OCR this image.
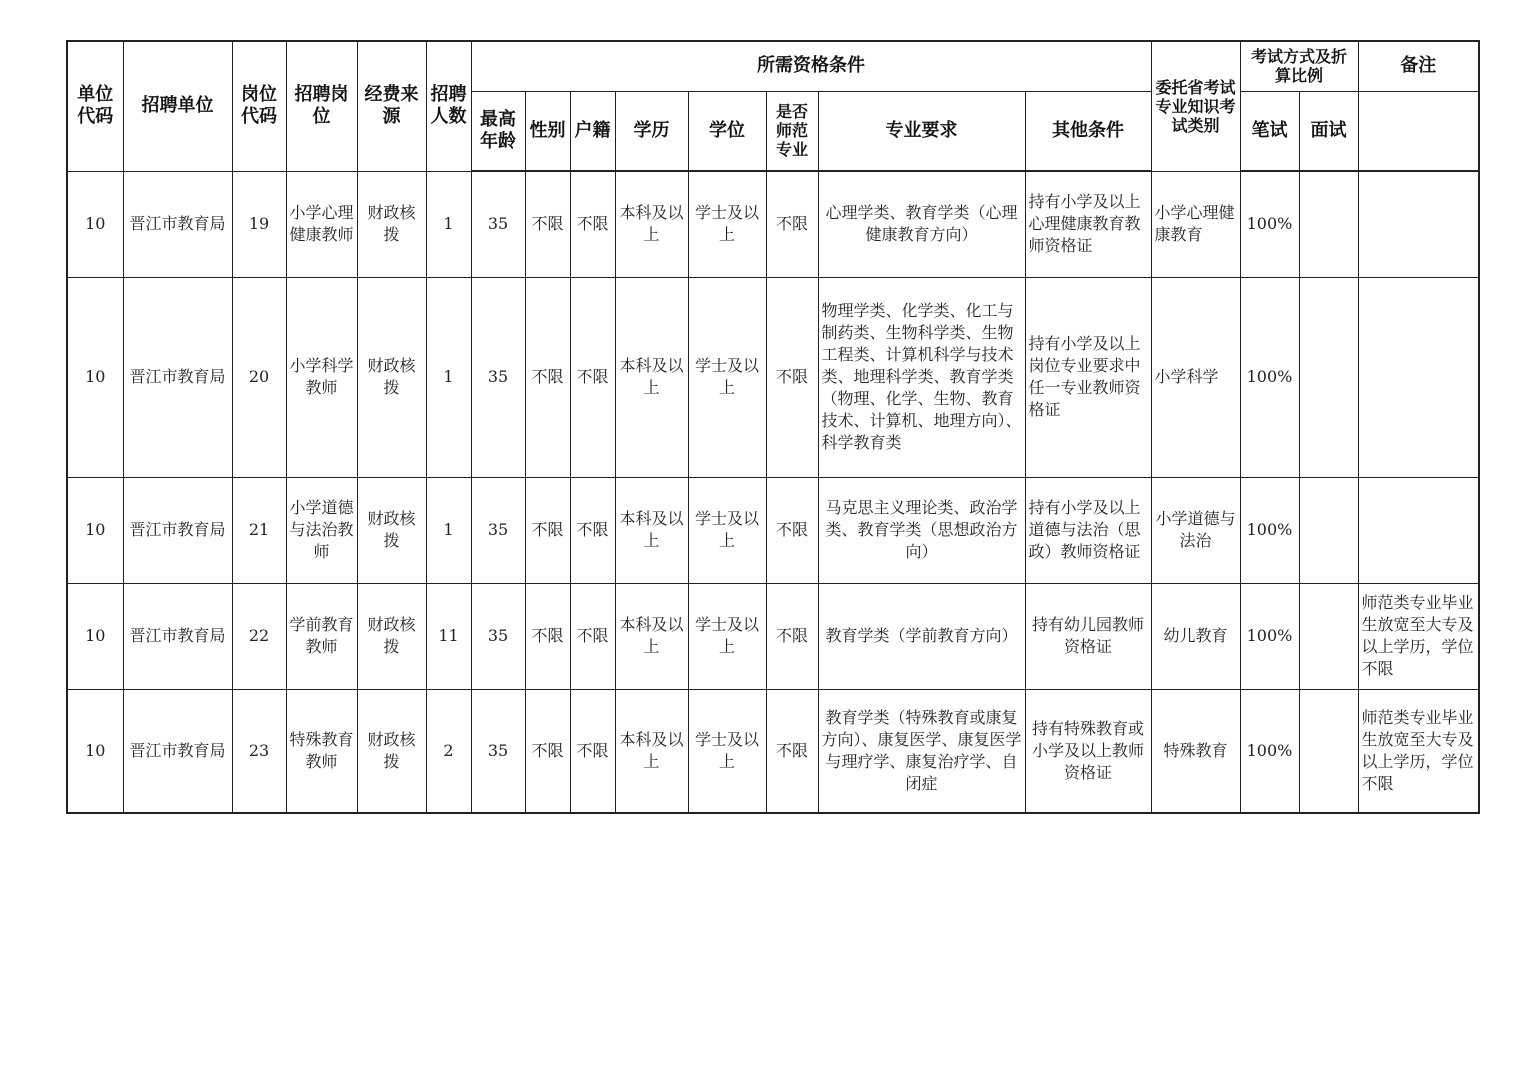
单位代码	招聘单位	岗位代码	招聘岗位	经费来源	招聘人数	所需资格条件								委托省考试专业知识考试类别	考试方式及折算比例		备注
						最高年龄	性别	户籍	学历	学位	是否师范专业	专业要求	其他条件		笔试	面试	
10	晋江市教育局	19	小学心理健康教师	财政核拨	1	35	不限	不限	本科及以上	学士及以上	不限	心理学类、教育学类（心理健康教育方向）	持有小学及以上心理健康教育教师资格证	小学心理健康教育	100%		
10	晋江市教育局	20	小学科学教师	财政核拨	1	35	不限	不限	本科及以上	学士及以上	不限	物理学类、化学类、化工与制药类、生物科学类、生物工程类、计算机科学与技术类、地理科学类、教育学类（物理、化学、生物、教育技术、计算机、地理方向）、科学教育类	持有小学及以上岗位专业要求中任一专业教师资格证	小学科学	100%		
10	晋江市教育局	21	小学道德与法治教师	财政核拨	1	35	不限	不限	本科及以上	学士及以上	不限	马克思主义理论类、政治学类、教育学类（思想政治方向）	持有小学及以上道德与法治（思政）教师资格证	小学道德与法治	100%		
10	晋江市教育局	22	学前教育教师	财政核拨	11	35	不限	不限	本科及以上	学士及以上	不限	教育学类（学前教育方向）	持有幼儿园教师资格证	幼儿教育	100%		师范类专业毕业生放宽至大专及以上学历，学位不限
10	晋江市教育局	23	特殊教育教师	财政核拨	2	35	不限	不限	本科及以上	学士及以上	不限	教育学类（特殊教育或康复方向）、康复医学、康复医学与理疗学、康复治疗学、自闭症	持有特殊教育或小学及以上教师资格证	特殊教育	100%		师范类专业毕业生放宽至大专及以上学历，学位不限
